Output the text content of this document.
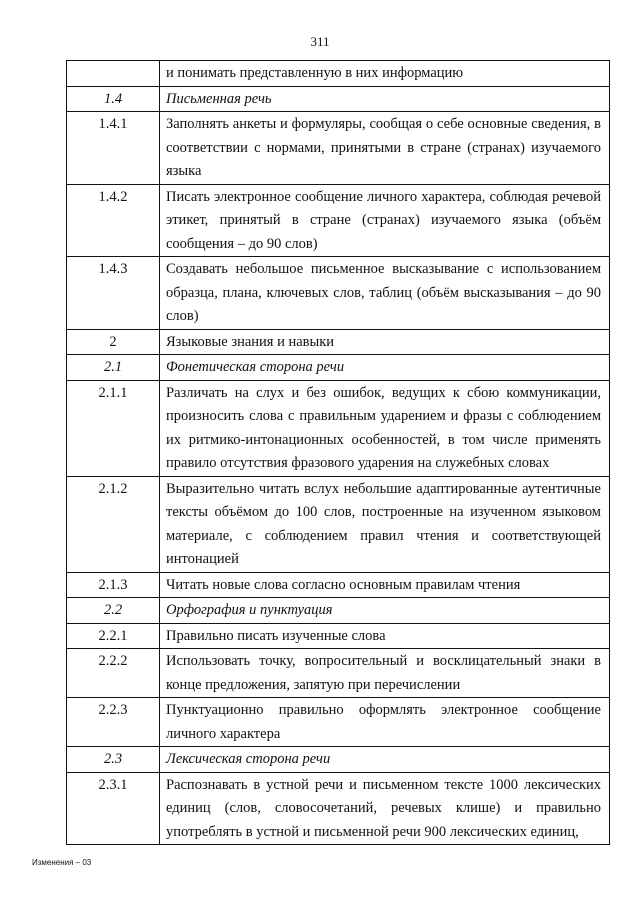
311
	и понимать представленную в них информацию
1.4	Письменная речь
1.4.1	Заполнять анкеты и формуляры, сообщая о себе основные сведения, в соответствии с нормами, принятыми в стране (странах) изучаемого языка
1.4.2	Писать электронное сообщение личного характера, соблюдая речевой этикет, принятый в стране (странах) изучаемого языка (объём сообщения – до 90 слов)
1.4.3	Создавать небольшое письменное высказывание с использованием образца, плана, ключевых слов, таблиц (объём высказывания – до 90 слов)
2	Языковые знания и навыки
2.1	Фонетическая сторона речи
2.1.1	Различать на слух и без ошибок, ведущих к сбою коммуникации, произносить слова с правильным ударением и фразы с соблюдением их ритмико-интонационных особенностей, в том числе применять правило отсутствия фразового ударения на служебных словах
2.1.2	Выразительно читать вслух небольшие адаптированные аутентичные тексты объёмом до 100 слов, построенные на изученном языковом материале, с соблюдением правил чтения и соответствующей интонацией
2.1.3	Читать новые слова согласно основным правилам чтения
2.2	Орфография и пунктуация
2.2.1	Правильно писать изученные слова
2.2.2	Использовать точку, вопросительный и восклицательный знаки в конце предложения, запятую при перечислении
2.2.3	Пунктуационно правильно оформлять электронное сообщение личного характера
2.3	Лексическая сторона речи
2.3.1	Распознавать в устной речи и письменном тексте 1000 лексических единиц (слов, словосочетаний, речевых клише) и правильно употреблять в устной и письменной речи 900 лексических единиц,
Изменения – 03
